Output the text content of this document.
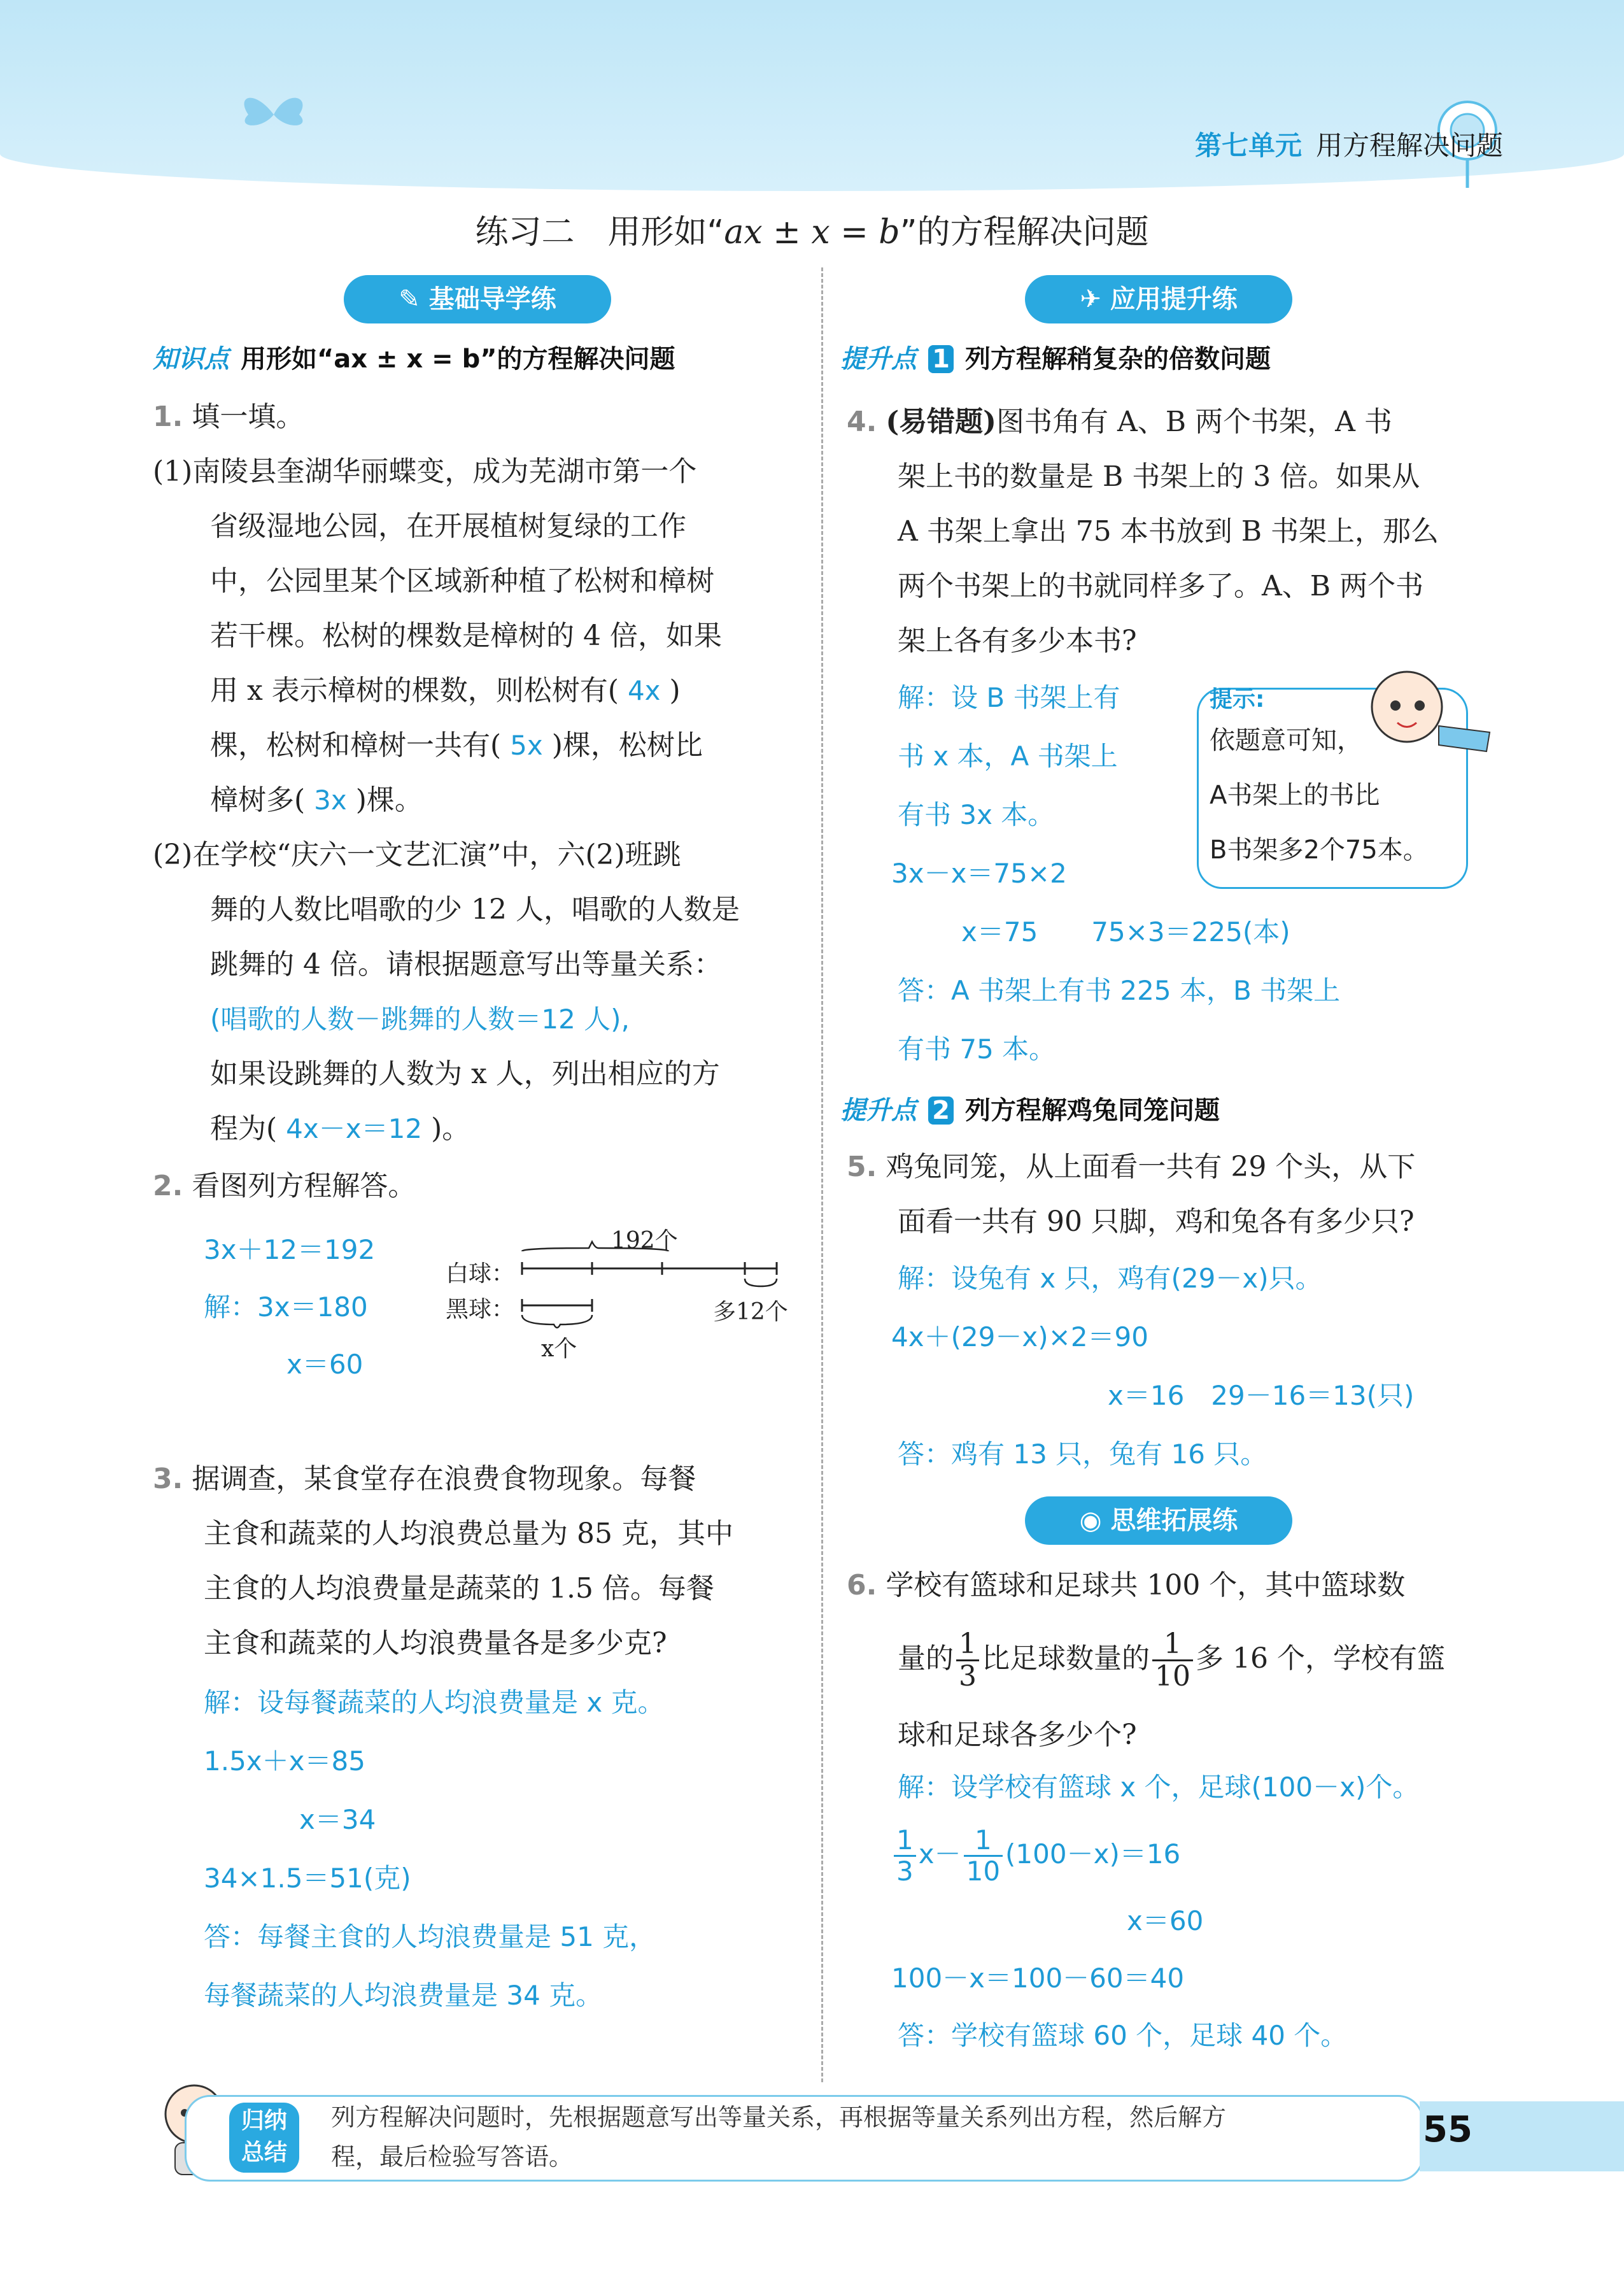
第七单元 用方程解决问题
练习二　用形如“ax ± x = b”的方程解决问题
✎ 基础导学练	✈ 应用提升练
◉ 思维拓展练
知识点 用形如“ax ± x = b”的方程解决问题
1. 填一填。
(1)南陵县奎湖华丽蝶变，成为芜湖市第一个
省级湿地公园，在开展植树复绿的工作
中，公园里某个区域新种植了松树和樟树
若干棵。松树的棵数是樟树的 4 倍，如果
用 x 表示樟树的棵数，则松树有( 4x )
棵，松树和樟树一共有( 5x )棵，松树比
樟树多( 3x )棵。
(2)在学校“庆六一文艺汇演”中，六(2)班跳
舞的人数比唱歌的少 12 人，唱歌的人数是
跳舞的 4 倍。请根据题意写出等量关系：
(唱歌的人数－跳舞的人数＝12 人),
如果设跳舞的人数为 x 人，列出相应的方
程为( 4x－x＝12 )。
2. 看图列方程解答。
3x＋12＝192
解：3x＝180
x＝60
192个
白球：
黑球：	多12个
x个
3. 据调查，某食堂存在浪费食物现象。每餐
主食和蔬菜的人均浪费总量为 85 克，其中
主食的人均浪费量是蔬菜的 1.5 倍。每餐
主食和蔬菜的人均浪费量各是多少克?
解：设每餐蔬菜的人均浪费量是 x 克。
1.5x＋x＝85
x＝34
34×1.5＝51(克)
答：每餐主食的人均浪费量是 51 克，
每餐蔬菜的人均浪费量是 34 克。
提升点 1 列方程解稍复杂的倍数问题
4. (易错题)图书角有 A、B 两个书架，A 书
架上书的数量是 B 书架上的 3 倍。如果从
A 书架上拿出 75 本书放到 B 书架上，那么
两个书架上的书就同样多了。A、B 两个书
架上各有多少本书?
解：设 B 书架上有
书 x 本，A 书架上
有书 3x 本。
3x－x＝75×2
x＝75　　75×3＝225(本)
答：A 书架上有书 225 本，B 书架上
有书 75 本。
提示:
依题意可知，
A书架上的书比
B书架多2个75本。
提升点 2 列方程解鸡兔同笼问题
5. 鸡兔同笼，从上面看一共有 29 个头，从下
面看一共有 90 只脚，鸡和兔各有多少只?
解：设兔有 x 只，鸡有(29－x)只。
4x＋(29－x)×2＝90
x＝16　29－16＝13(只)
答：鸡有 13 只，兔有 16 只。
6. 学校有篮球和足球共 100 个，其中篮球数
量的 $\frac{1}{3}$ 比足球数量的 $\frac{1}{10}$ 多 16 个，学校有篮
球和足球各多少个?
解：设学校有篮球 x 个，足球(100－x)个。
$\frac{1}{3} x- \frac{1}{10} (100-x)=16$
x＝60
100－x＝100－60＝40
答：学校有篮球 60 个，足球 40 个。
归纳
总结
列方程解决问题时，先根据题意写出等量关系，再根据等量关系列出方程，然后解方
程，最后检验写答语。
55
